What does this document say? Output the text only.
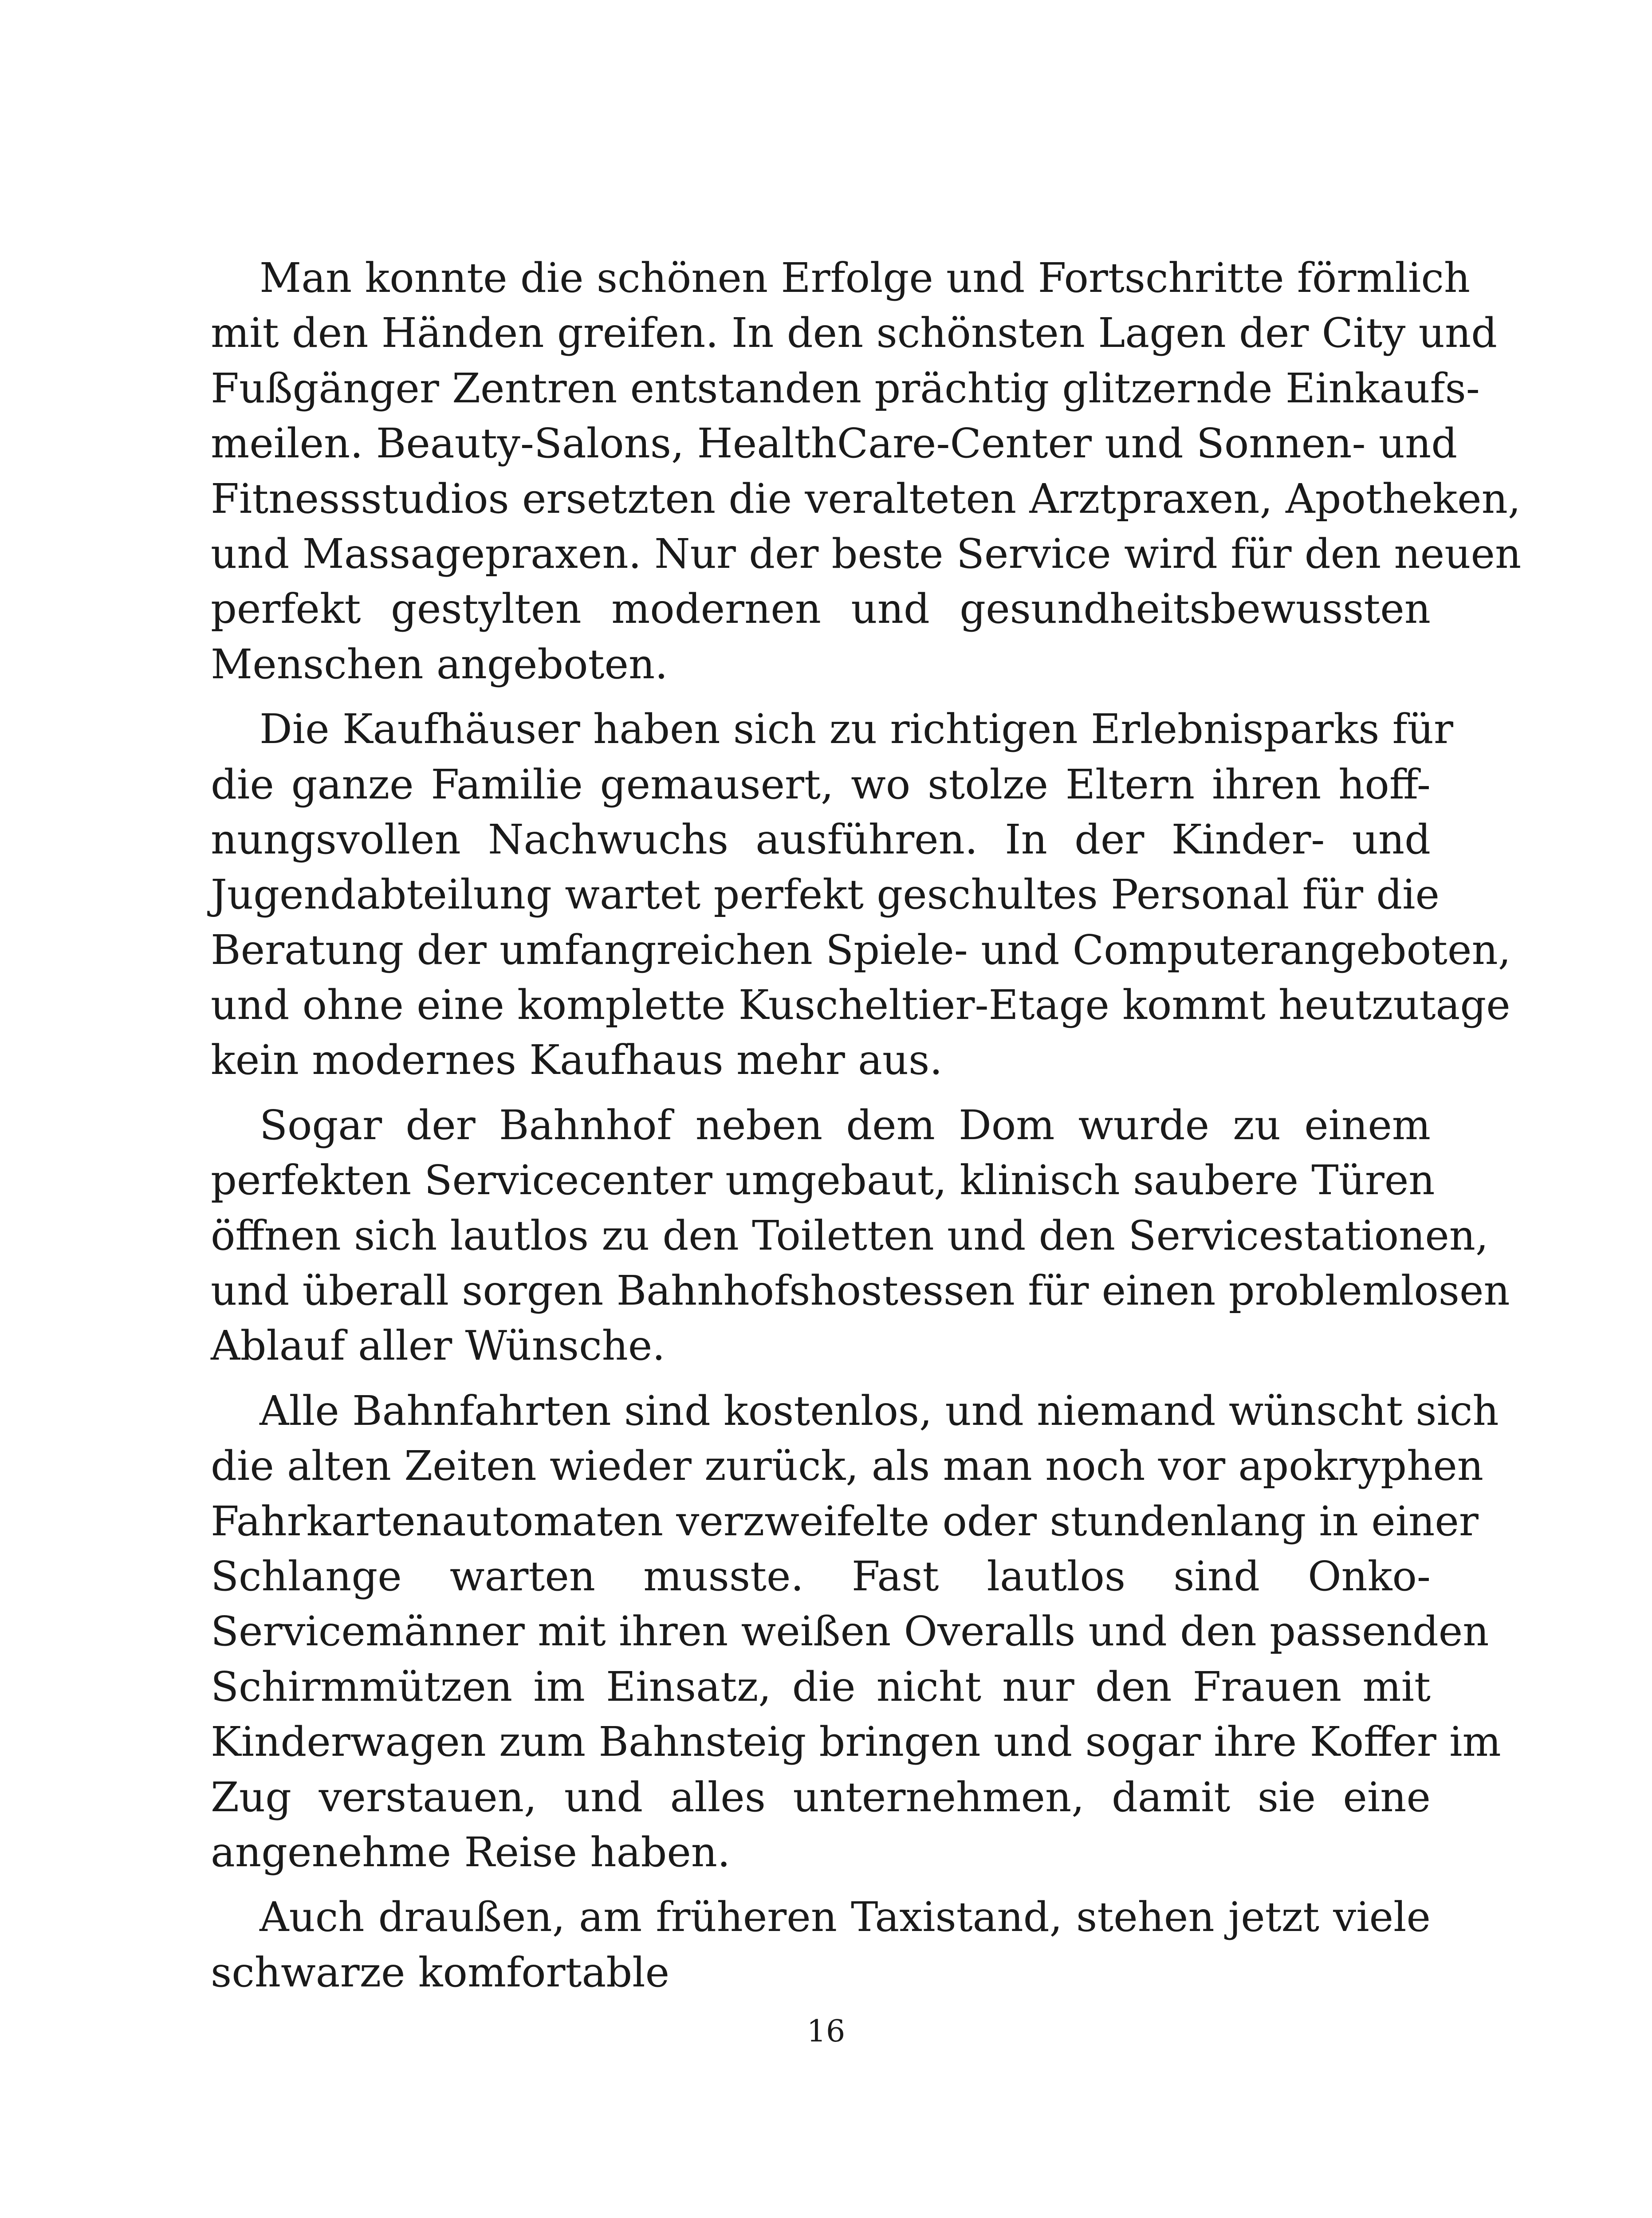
Man konnte die schönen Erfolge und Fortschritte förmlich
mit den Händen greifen. In den schönsten Lagen der City und
Fußgänger Zentren entstanden prächtig glitzernde Einkaufs-
meilen. Beauty-Salons, HealthCare-Center und Sonnen- und
Fitnessstudios ersetzten die veralteten Arztpraxen, Apotheken,
und Massagepraxen. Nur der beste Service wird für den neuen
perfekt gestylten modernen und gesundheitsbewussten
Menschen angeboten.

Die Kaufhäuser haben sich zu richtigen Erlebnisparks für
die ganze Familie gemausert, wo stolze Eltern ihren hoff-
nungsvollen Nachwuchs ausführen. In der Kinder- und
Jugendabteilung wartet perfekt geschultes Personal für die
Beratung der umfangreichen Spiele- und Computerangeboten,
und ohne eine komplette Kuscheltier-Etage kommt heutzutage
kein modernes Kaufhaus mehr aus.

Sogar der Bahnhof neben dem Dom wurde zu einem
perfekten Servicecenter umgebaut, klinisch saubere Türen
öffnen sich lautlos zu den Toiletten und den Servicestationen,
und überall sorgen Bahnhofshostessen für einen problemlosen
Ablauf aller Wünsche.

Alle Bahnfahrten sind kostenlos, und niemand wünscht sich
die alten Zeiten wieder zurück, als man noch vor apokryphen
Fahrkartenautomaten verzweifelte oder stundenlang in einer
Schlange warten musste. Fast lautlos sind Onko-
Servicemänner mit ihren weißen Overalls und den passenden
Schirmmützen im Einsatz, die nicht nur den Frauen mit
Kinderwagen zum Bahnsteig bringen und sogar ihre Koffer im
Zug verstauen, und alles unternehmen, damit sie eine
angenehme Reise haben.

Auch draußen, am früheren Taxistand, stehen jetzt viele
schwarze komfortable

16
